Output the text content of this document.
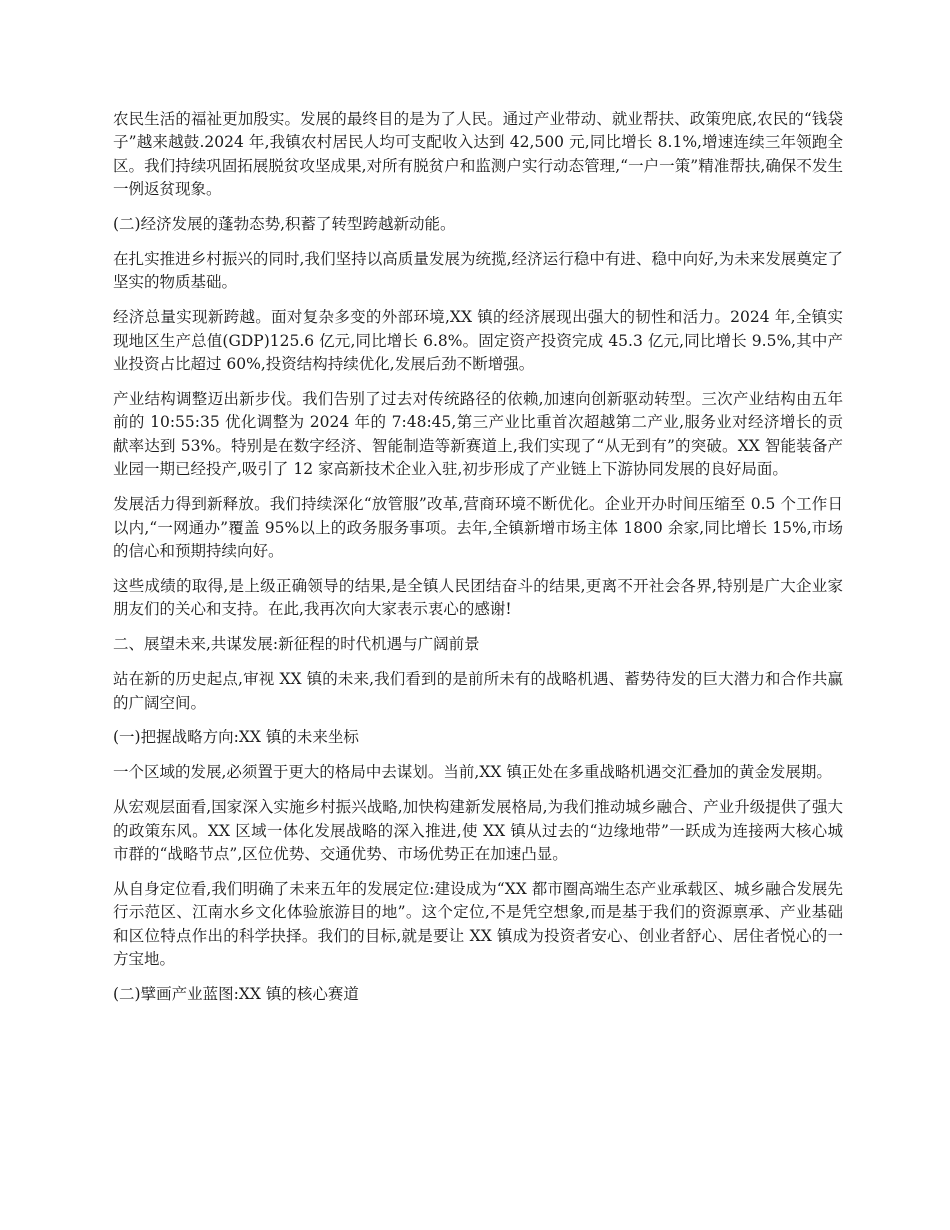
农民生活的福祉更加殷实。发展的最终目的是为了人民。通过产业带动、就业帮扶、政策兜底,农民的“钱袋子”越来越鼓.2024 年,我镇农村居民人均可支配收入达到 42,500 元,同比增长 8.1%,增速连续三年领跑全区。我们持续巩固拓展脱贫攻坚成果,对所有脱贫户和监测户实行动态管理,“一户一策”精准帮扶,确保不发生一例返贫现象。

(二)经济发展的蓬勃态势,积蓄了转型跨越新动能。

在扎实推进乡村振兴的同时,我们坚持以高质量发展为统揽,经济运行稳中有进、稳中向好,为未来发展奠定了坚实的物质基础。

经济总量实现新跨越。面对复杂多变的外部环境,XX 镇的经济展现出强大的韧性和活力。2024 年,全镇实现地区生产总值(GDP)125.6 亿元,同比增长 6.8%。固定资产投资完成 45.3 亿元,同比增长 9.5%,其中产业投资占比超过 60%,投资结构持续优化,发展后劲不断增强。

产业结构调整迈出新步伐。我们告别了过去对传统路径的依赖,加速向创新驱动转型。三次产业结构由五年前的 10:55:35 优化调整为 2024 年的 7:48:45,第三产业比重首次超越第二产业,服务业对经济增长的贡献率达到 53%。特别是在数字经济、智能制造等新赛道上,我们实现了“从无到有”的突破。XX 智能装备产业园一期已经投产,吸引了 12 家高新技术企业入驻,初步形成了产业链上下游协同发展的良好局面。

发展活力得到新释放。我们持续深化“放管服”改革,营商环境不断优化。企业开办时间压缩至 0.5 个工作日以内,“一网通办”覆盖 95%以上的政务服务事项。去年,全镇新增市场主体 1800 余家,同比增长 15%,市场的信心和预期持续向好。

这些成绩的取得,是上级正确领导的结果,是全镇人民团结奋斗的结果,更离不开社会各界,特别是广大企业家朋友们的关心和支持。在此,我再次向大家表示衷心的感谢!

二、展望未来,共谋发展:新征程的时代机遇与广阔前景

站在新的历史起点,审视 XX 镇的未来,我们看到的是前所未有的战略机遇、蓄势待发的巨大潜力和合作共赢的广阔空间。

(一)把握战略方向:XX 镇的未来坐标

一个区域的发展,必须置于更大的格局中去谋划。当前,XX 镇正处在多重战略机遇交汇叠加的黄金发展期。

从宏观层面看,国家深入实施乡村振兴战略,加快构建新发展格局,为我们推动城乡融合、产业升级提供了强大的政策东风。XX 区域一体化发展战略的深入推进,使 XX 镇从过去的“边缘地带”一跃成为连接两大核心城市群的“战略节点”,区位优势、交通优势、市场优势正在加速凸显。

从自身定位看,我们明确了未来五年的发展定位:建设成为“XX 都市圈高端生态产业承载区、城乡融合发展先行示范区、江南水乡文化体验旅游目的地”。这个定位,不是凭空想象,而是基于我们的资源禀承、产业基础和区位特点作出的科学抉择。我们的目标,就是要让 XX 镇成为投资者安心、创业者舒心、居住者悦心的一方宝地。

(二)擘画产业蓝图:XX 镇的核心赛道
